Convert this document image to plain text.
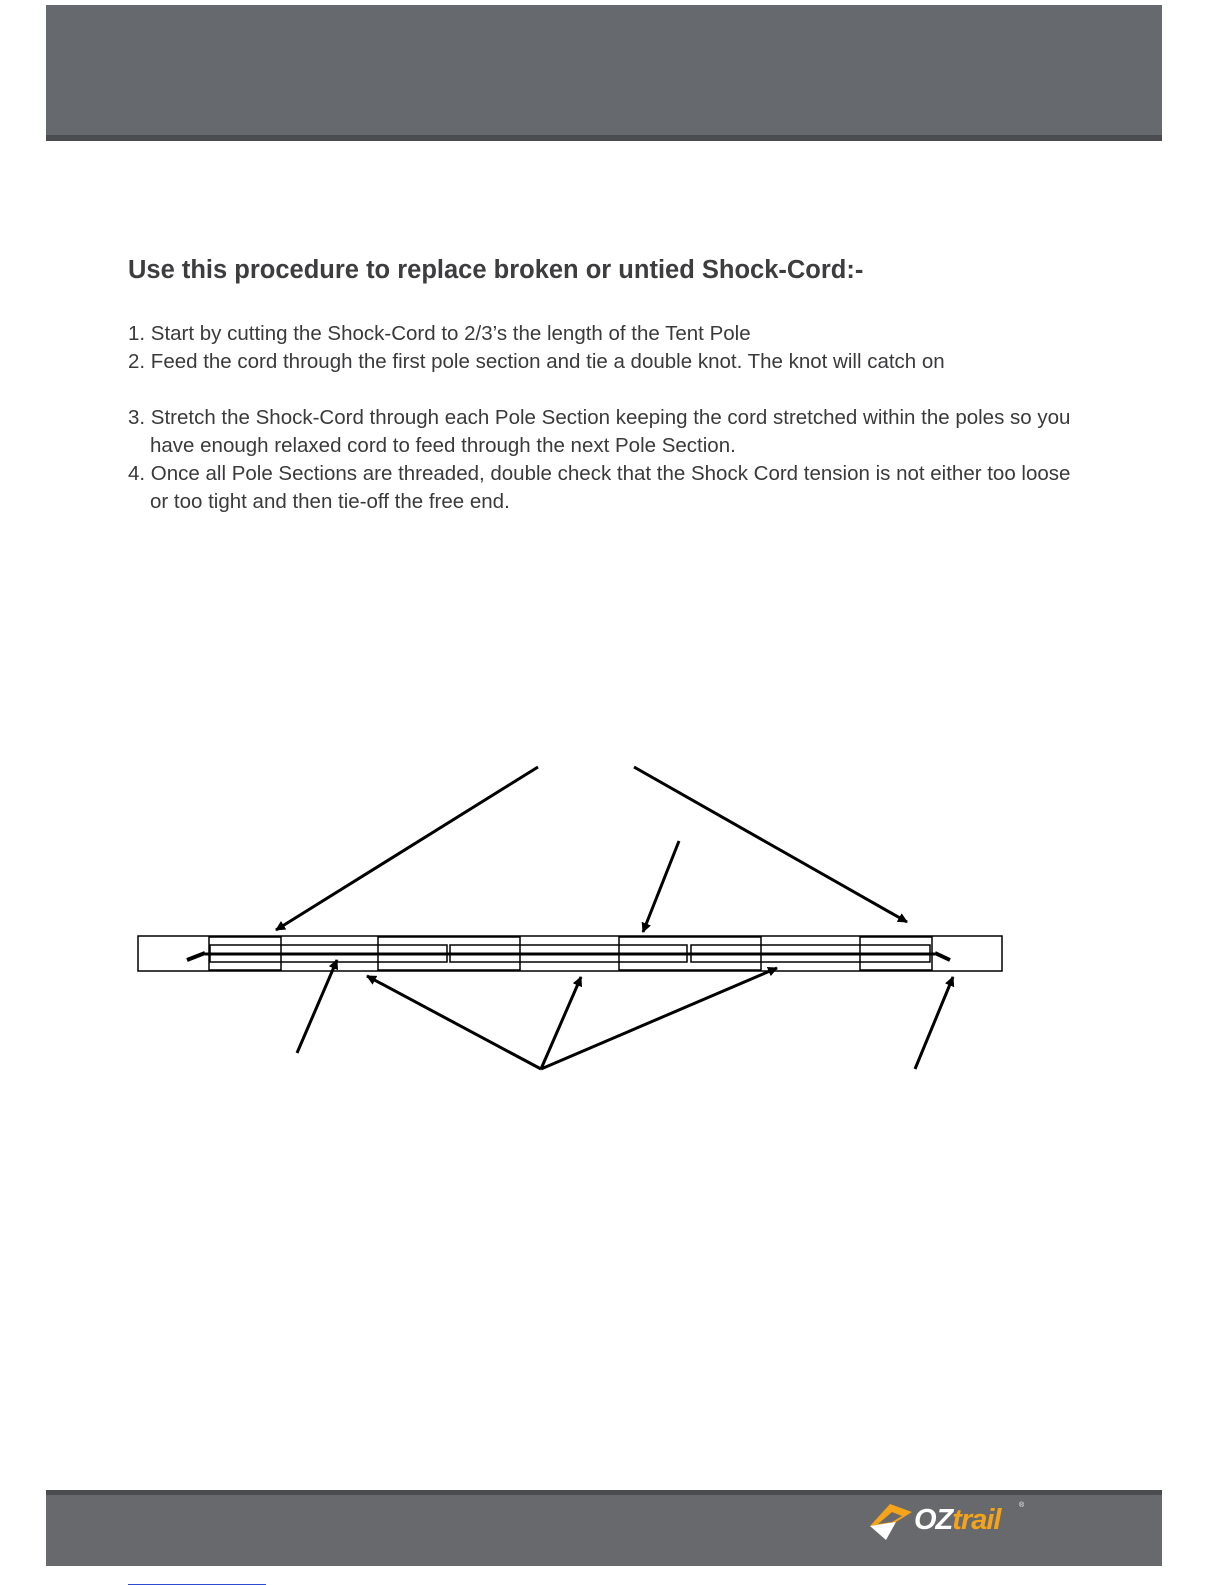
Use this procedure to replace broken or untied Shock-Cord:-
1. Start by cutting the Shock-Cord to 2/3’s the length of the Tent Pole
2. Feed the cord through the first pole section and tie a double knot. The knot will catch on
3. Stretch the Shock-Cord through each Pole Section keeping the cord stretched within the poles so you have enough relaxed cord to feed through the next Pole Section.
4. Once all Pole Sections are threaded, double check that the Shock Cord tension is not either too loose or too tight and then tie-off the free end.
OZtrail	®
